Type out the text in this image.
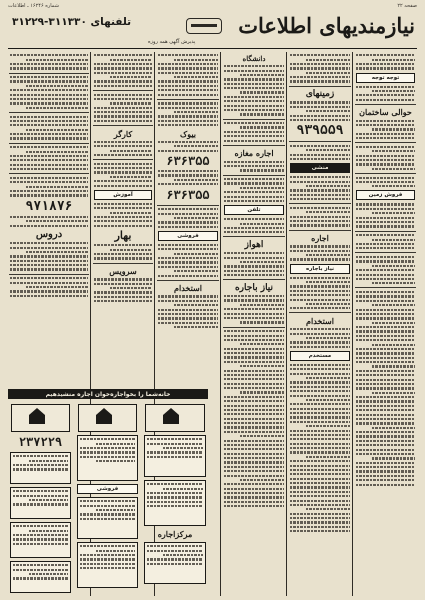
صفحه ۲۲
شماره ۱۶۲۴۶ ـ اطلاعات
نیازمندیهای اطلاعات
تلفنهای ۳۱۱۳۳۰-۳۱۲۲۹
پذیرش آگهی همه روزه
توجه توجه
حوالی ساختمان
فروش زمین
زمینهای
۹۳۹۵۵۹
منشی
اجاره
نیاز باجاره
استخدام
مستخدم
دانشگاه
اجاره مغازه
تلفن
اهواز
نیاز باجاره
بیوک
۶۳۶۳۵۵
۶۳۶۳۵۵
فروشی
استخدام
کارگر
آموزش
بهار
سرویس
۹۷۱۸۷۶
دروس
خانه‌شما را بخواجاره‌خوان اجاره منشید‌هیم
۲۳۷۲۲۹
فروشی
مرکزاجاره
